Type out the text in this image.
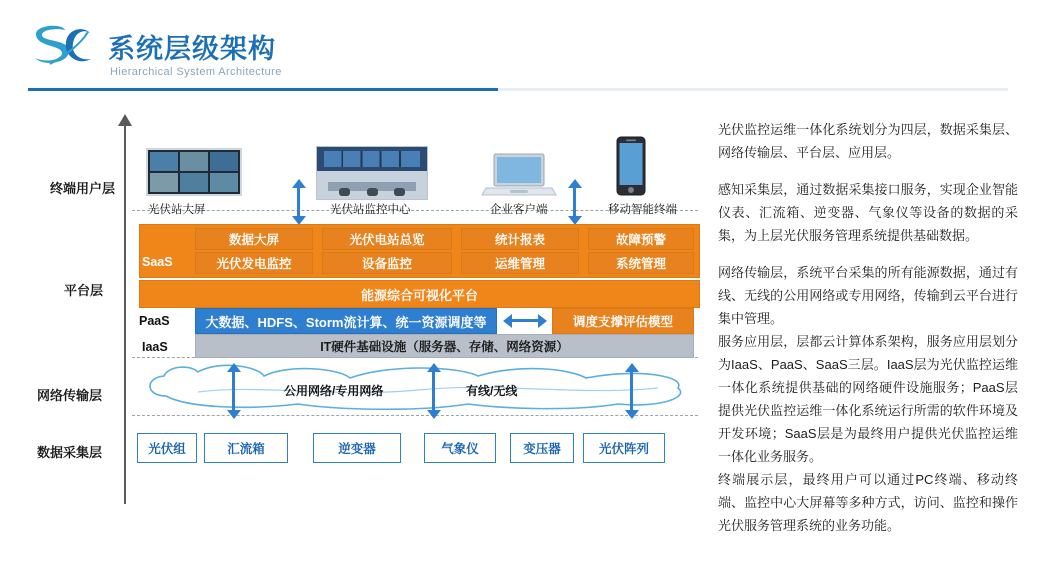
系统层级架构
Hierarchical System Architecture
终端用户层
平台层
网络传输层
数据采集层
光伏站大屏	光伏站监控中心	企业客户端	移动智能终端
SaaS
数据大屏	光伏电站总览	统计报表	故障预警
光伏发电监控	设备监控	运维管理	系统管理
能源综合可视化平台
PaaS	大数据、HDFS、Storm流计算、统一资源调度等	调度支撑评估模型
IaaS	IT硬件基础设施（服务器、存储、网络资源）
公用网络/专用网络	有线/无线
光伏组	汇流箱	逆变器	气象仪	变压器	光伏阵列

光伏监控运维一体化系统划分为四层，数据采集层、网络传输层、平台层、应用层。

感知采集层，通过数据采集接口服务，实现企业智能仪表、汇流箱、逆变器、气象仪等设备的数据的采集，为上层光伏服务管理系统提供基础数据。

网络传输层，系统平台采集的所有能源数据，通过有线、无线的公用网络或专用网络，传输到云平台进行集中管理。

服务应用层，层都云计算体系架构，服务应用层划分为IaaS、PaaS、SaaS三层。IaaS层为光伏监控运维一体化系统提供基础的网络硬件设施服务；PaaS层提供光伏监控运维一体化系统运行所需的软件环境及开发环境；SaaS层是为最终用户提供光伏监控运维一体化业务服务。

终端展示层，最终用户可以通过PC终端、移动终端、监控中心大屏幕等多种方式，访问、监控和操作光伏服务管理系统的业务功能。
